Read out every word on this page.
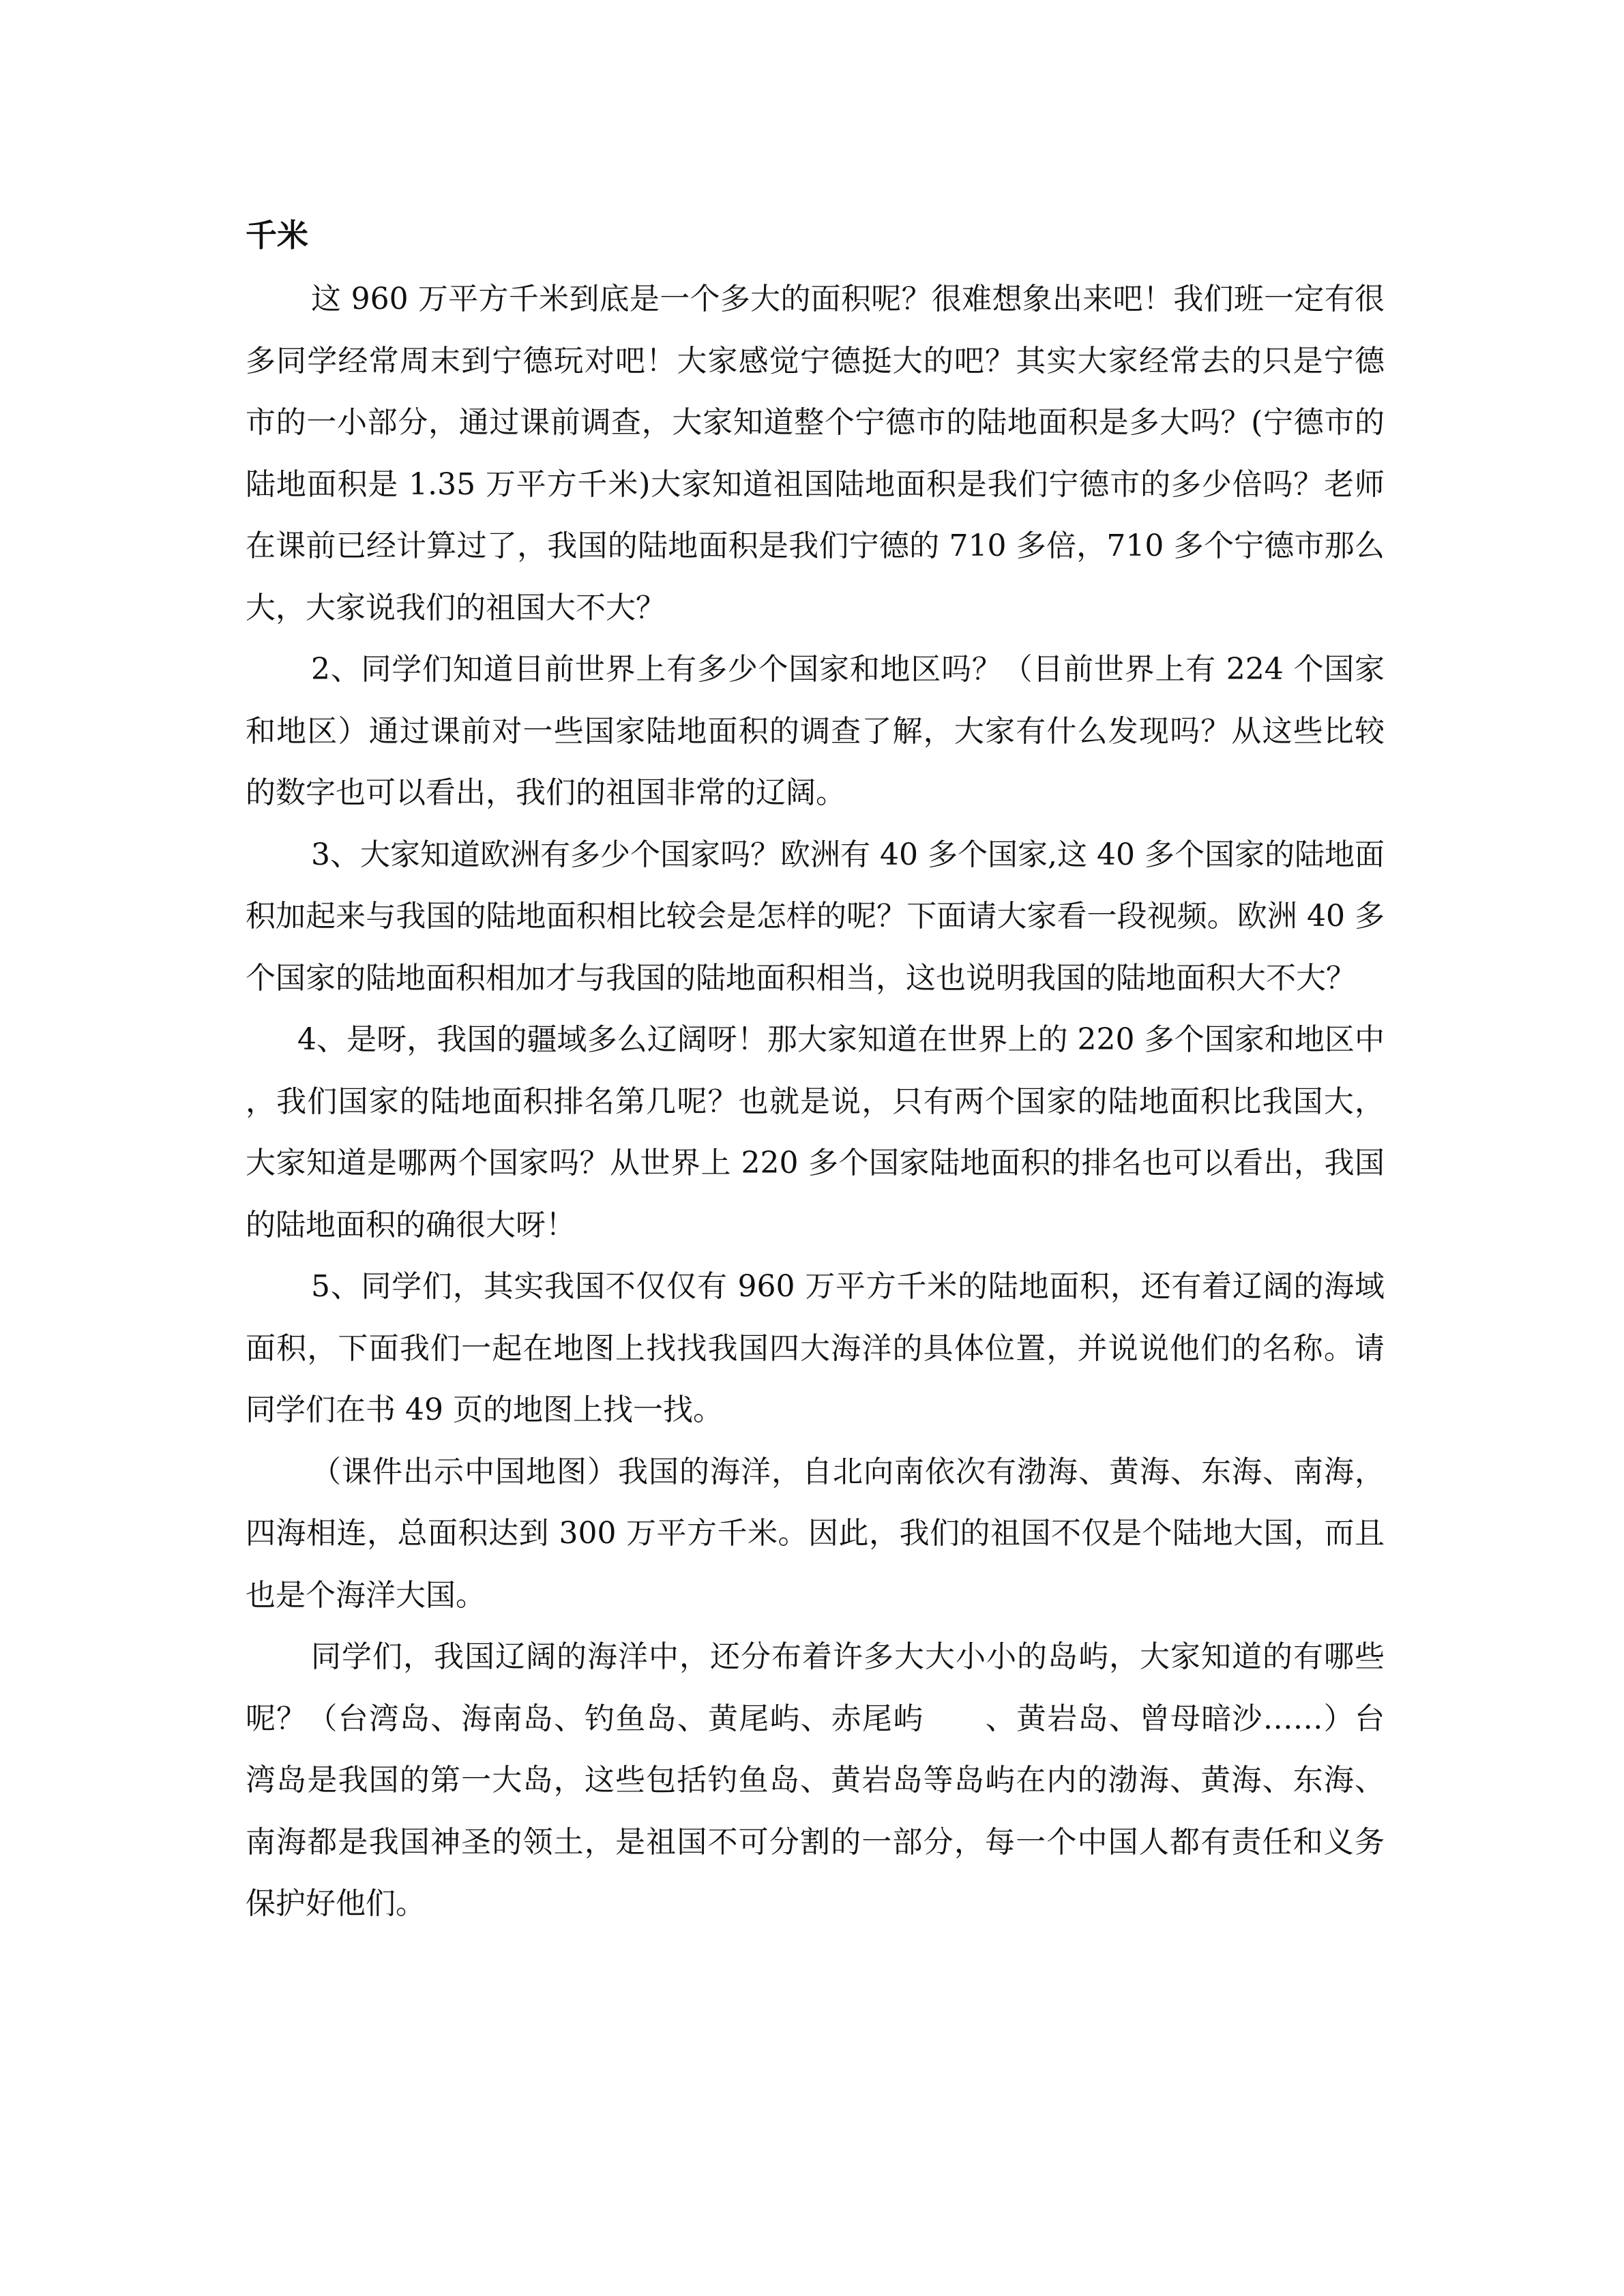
千米

这 960 万平方千米到底是一个多大的面积呢？很难想象出来吧！我们班一定有很多同学经常周末到宁德玩对吧！大家感觉宁德挺大的吧？其实大家经常去的只是宁德市的一小部分，通过课前调查，大家知道整个宁德市的陆地面积是多大吗？(宁德市的陆地面积是 1.35 万平方千米)大家知道祖国陆地面积是我们宁德市的多少倍吗？老师在课前已经计算过了，我国的陆地面积是我们宁德的 710 多倍，710 多个宁德市那么大，大家说我们的祖国大不大？

2、同学们知道目前世界上有多少个国家和地区吗？（目前世界上有 224 个国家和地区）通过课前对一些国家陆地面积的调查了解，大家有什么发现吗？从这些比较的数字也可以看出，我们的祖国非常的辽阔。

3、大家知道欧洲有多少个国家吗？欧洲有 40 多个国家,这 40 多个国家的陆地面积加起来与我国的陆地面积相比较会是怎样的呢？下面请大家看一段视频。欧洲 40 多个国家的陆地面积相加才与我国的陆地面积相当，这也说明我国的陆地面积大不大？

4、是呀，我国的疆域多么辽阔呀！那大家知道在世界上的 220 多个国家和地区中，我们国家的陆地面积排名第几呢？也就是说，只有两个国家的陆地面积比我国大，大家知道是哪两个国家吗？从世界上 220 多个国家陆地面积的排名也可以看出，我国的陆地面积的确很大呀！

5、同学们，其实我国不仅仅有 960 万平方千米的陆地面积，还有着辽阔的海域面积，下面我们一起在地图上找找我国四大海洋的具体位置，并说说他们的名称。请同学们在书 49 页的地图上找一找。

（课件出示中国地图）我国的海洋，自北向南依次有渤海、黄海、东海、南海，四海相连，总面积达到 300 万平方千米。因此，我们的祖国不仅是个陆地大国，而且也是个海洋大国。

同学们，我国辽阔的海洋中，还分布着许多大大小小的岛屿，大家知道的有哪些呢？（台湾岛、海南岛、钓鱼岛、黄尾屿、赤尾屿　　、黄岩岛、曾母暗沙……）台湾岛是我国的第一大岛，这些包括钓鱼岛、黄岩岛等岛屿在内的渤海、黄海、东海、南海都是我国神圣的领土，是祖国不可分割的一部分，每一个中国人都有责任和义务保护好他们。
